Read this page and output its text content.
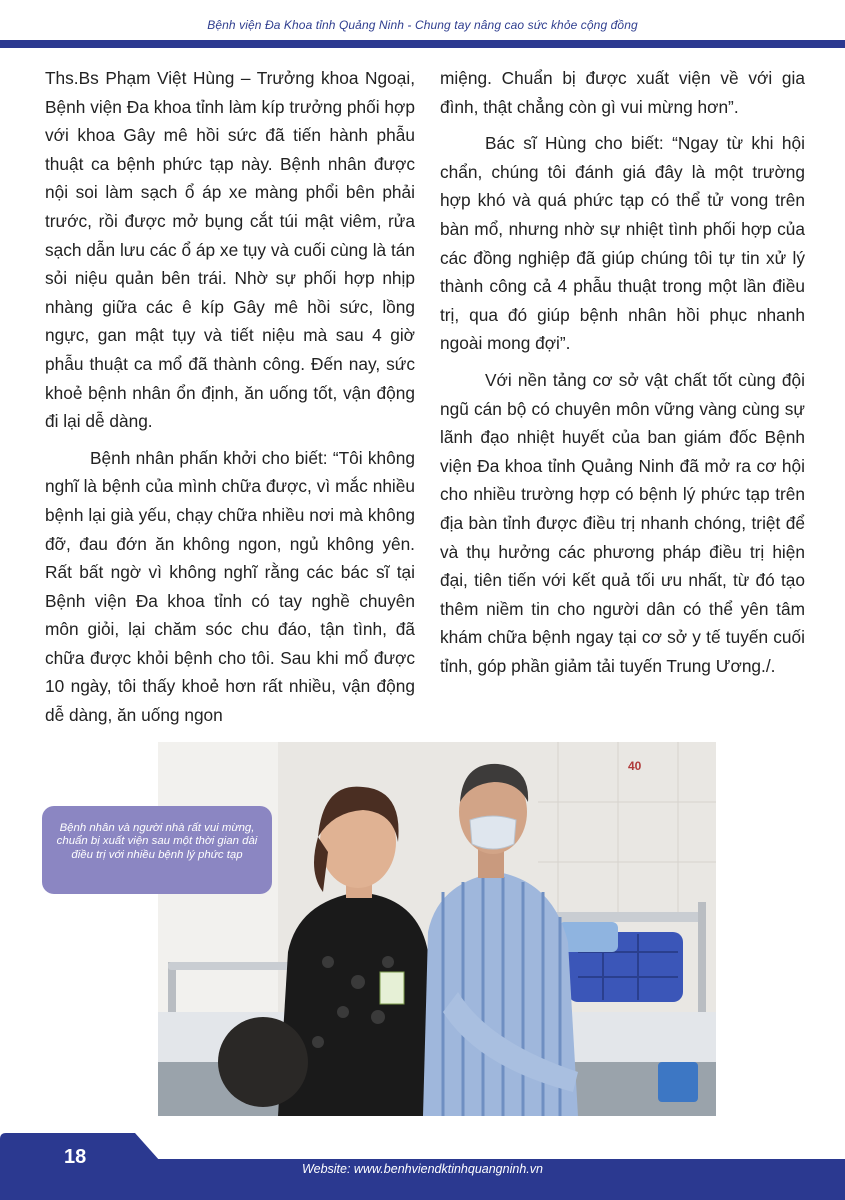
Bệnh viện Đa Khoa tỉnh Quảng Ninh - Chung tay nâng cao sức khỏe cộng đồng

Ths.Bs Phạm Việt Hùng – Trưởng khoa Ngoại, Bệnh viện Đa khoa tỉnh làm kíp trưởng phối hợp với khoa Gây mê hồi sức đã tiến hành phẫu thuật ca bệnh phức tạp này. Bệnh nhân được nội soi làm sạch ổ áp xe màng phổi bên phải trước, rồi được mở bụng cắt túi mật viêm, rửa sạch dẫn lưu các ổ áp xe tụy và cuối cùng là tán sỏi niệu quản bên trái. Nhờ sự phối hợp nhịp nhàng giữa các ê kíp Gây mê hồi sức, lồng ngực, gan mật tụy và tiết niệu mà sau 4 giờ phẫu thuật ca mổ đã thành công. Đến nay, sức khoẻ bệnh nhân ổn định, ăn uống tốt, vận động đi lại dễ dàng.

Bệnh nhân phấn khởi cho biết: “Tôi không nghĩ là bệnh của mình chữa được, vì mắc nhiều bệnh lại già yếu, chạy chữa nhiều nơi mà không đỡ, đau đớn ăn không ngon, ngủ không yên. Rất bất ngờ vì không nghĩ rằng các bác sĩ tại Bệnh viện Đa khoa tỉnh có tay nghề chuyên môn giỏi, lại chăm sóc chu đáo, tận tình, đã chữa được khỏi bệnh cho tôi. Sau khi mổ được 10 ngày, tôi thấy khoẻ hơn rất nhiều, vận động dễ dàng, ăn uống ngon

miệng. Chuẩn bị được xuất viện về với gia đình, thật chẳng còn gì vui mừng hơn”.

Bác sĩ Hùng cho biết: “Ngay từ khi hội chẩn, chúng tôi đánh giá đây là một trường hợp khó và quá phức tạp có thể tử vong trên bàn mổ, nhưng nhờ sự nhiệt tình phối hợp của các đồng nghiệp đã giúp chúng tôi tự tin xử lý thành công cả 4 phẫu thuật trong một lần điều trị, qua đó giúp bệnh nhân hồi phục nhanh ngoài mong đợi”.

Với nền tảng cơ sở vật chất tốt cùng đội ngũ cán bộ có chuyên môn vững vàng cùng sự lãnh đạo nhiệt huyết của ban giám đốc Bệnh viện Đa khoa tỉnh Quảng Ninh đã mở ra cơ hội cho nhiều trường hợp có bệnh lý phức tạp trên địa bàn tỉnh được điều trị nhanh chóng, triệt để và thụ hưởng các phương pháp điều trị hiện đại, tiên tiến với kết quả tối ưu nhất, từ đó tạo thêm niềm tin cho người dân có thể yên tâm khám chữa bệnh ngay tại cơ sở y tế tuyến cuối tỉnh, góp phần giảm tải tuyến Trung Ương./.

40
Bệnh nhân và người nhà rất vui mừng, chuẩn bị xuất viện sau một thời gian dài điều trị với nhiều bệnh lý phức tạp
18
Website: www.benhviendktinhquangninh.vn
